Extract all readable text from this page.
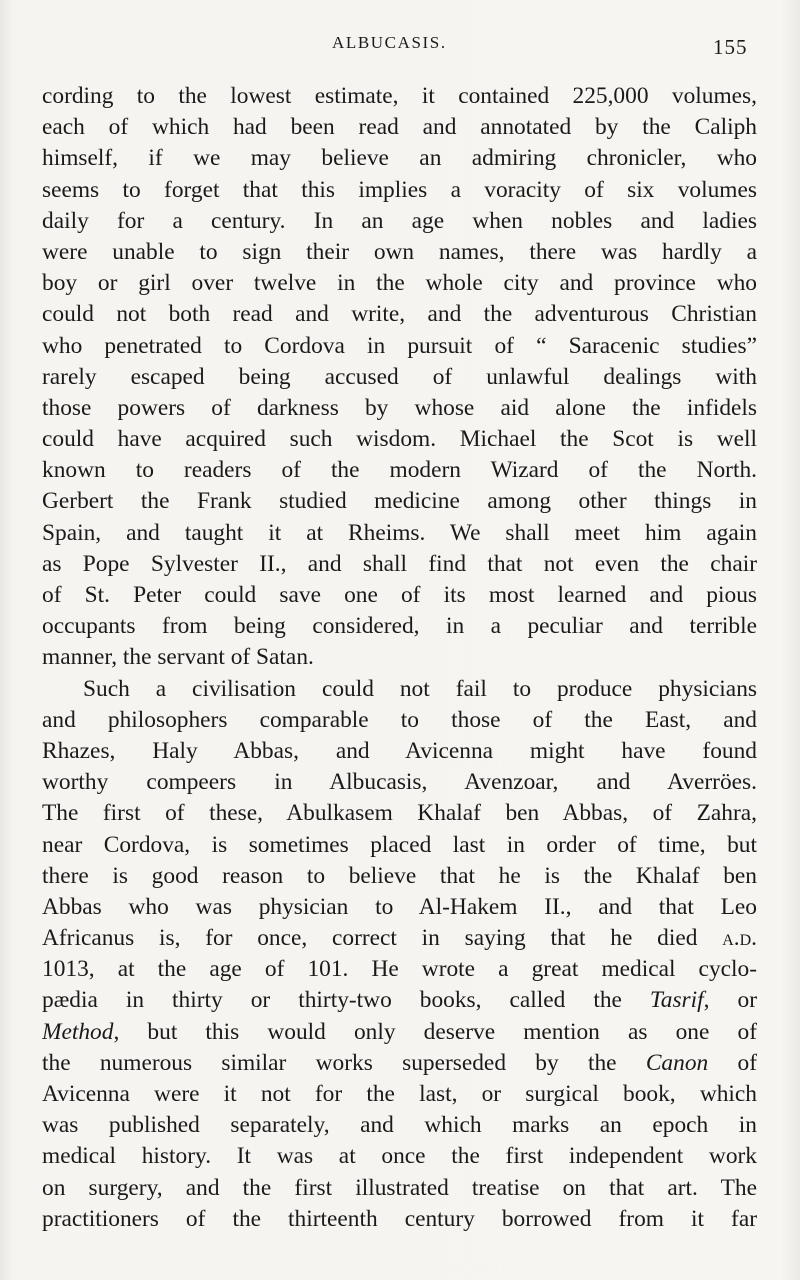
ALBUCASIS.	155
cording to the lowest estimate, it contained 225,000 volumes,
each of which had been read and annotated by the Caliph
himself, if we may believe an admiring chronicler, who
seems to forget that this implies a voracity of six volumes
daily for a century. In an age when nobles and ladies
were unable to sign their own names, there was hardly a
boy or girl over twelve in the whole city and province who
could not both read and write, and the adventurous Christian
who penetrated to Cordova in pursuit of “ Saracenic studies”
rarely escaped being accused of unlawful dealings with
those powers of darkness by whose aid alone the infidels
could have acquired such wisdom. Michael the Scot is well
known to readers of the modern Wizard of the North.
Gerbert the Frank studied medicine among other things in
Spain, and taught it at Rheims. We shall meet him again
as Pope Sylvester II., and shall find that not even the chair
of St. Peter could save one of its most learned and pious
occupants from being considered, in a peculiar and terrible
manner, the servant of Satan.
Such a civilisation could not fail to produce physicians
and philosophers comparable to those of the East, and
Rhazes, Haly Abbas, and Avicenna might have found
worthy compeers in Albucasis, Avenzoar, and Averröes.
The first of these, Abulkasem Khalaf ben Abbas, of Zahra,
near Cordova, is sometimes placed last in order of time, but
there is good reason to believe that he is the Khalaf ben
Abbas who was physician to Al-Hakem II., and that Leo
Africanus is, for once, correct in saying that he died a.d.
1013, at the age of 101. He wrote a great medical cyclo-
pædia in thirty or thirty-two books, called the Tasrif, or
Method, but this would only deserve mention as one of
the numerous similar works superseded by the Canon of
Avicenna were it not for the last, or surgical book, which
was published separately, and which marks an epoch in
medical history. It was at once the first independent work
on surgery, and the first illustrated treatise on that art. The
practitioners of the thirteenth century borrowed from it far
